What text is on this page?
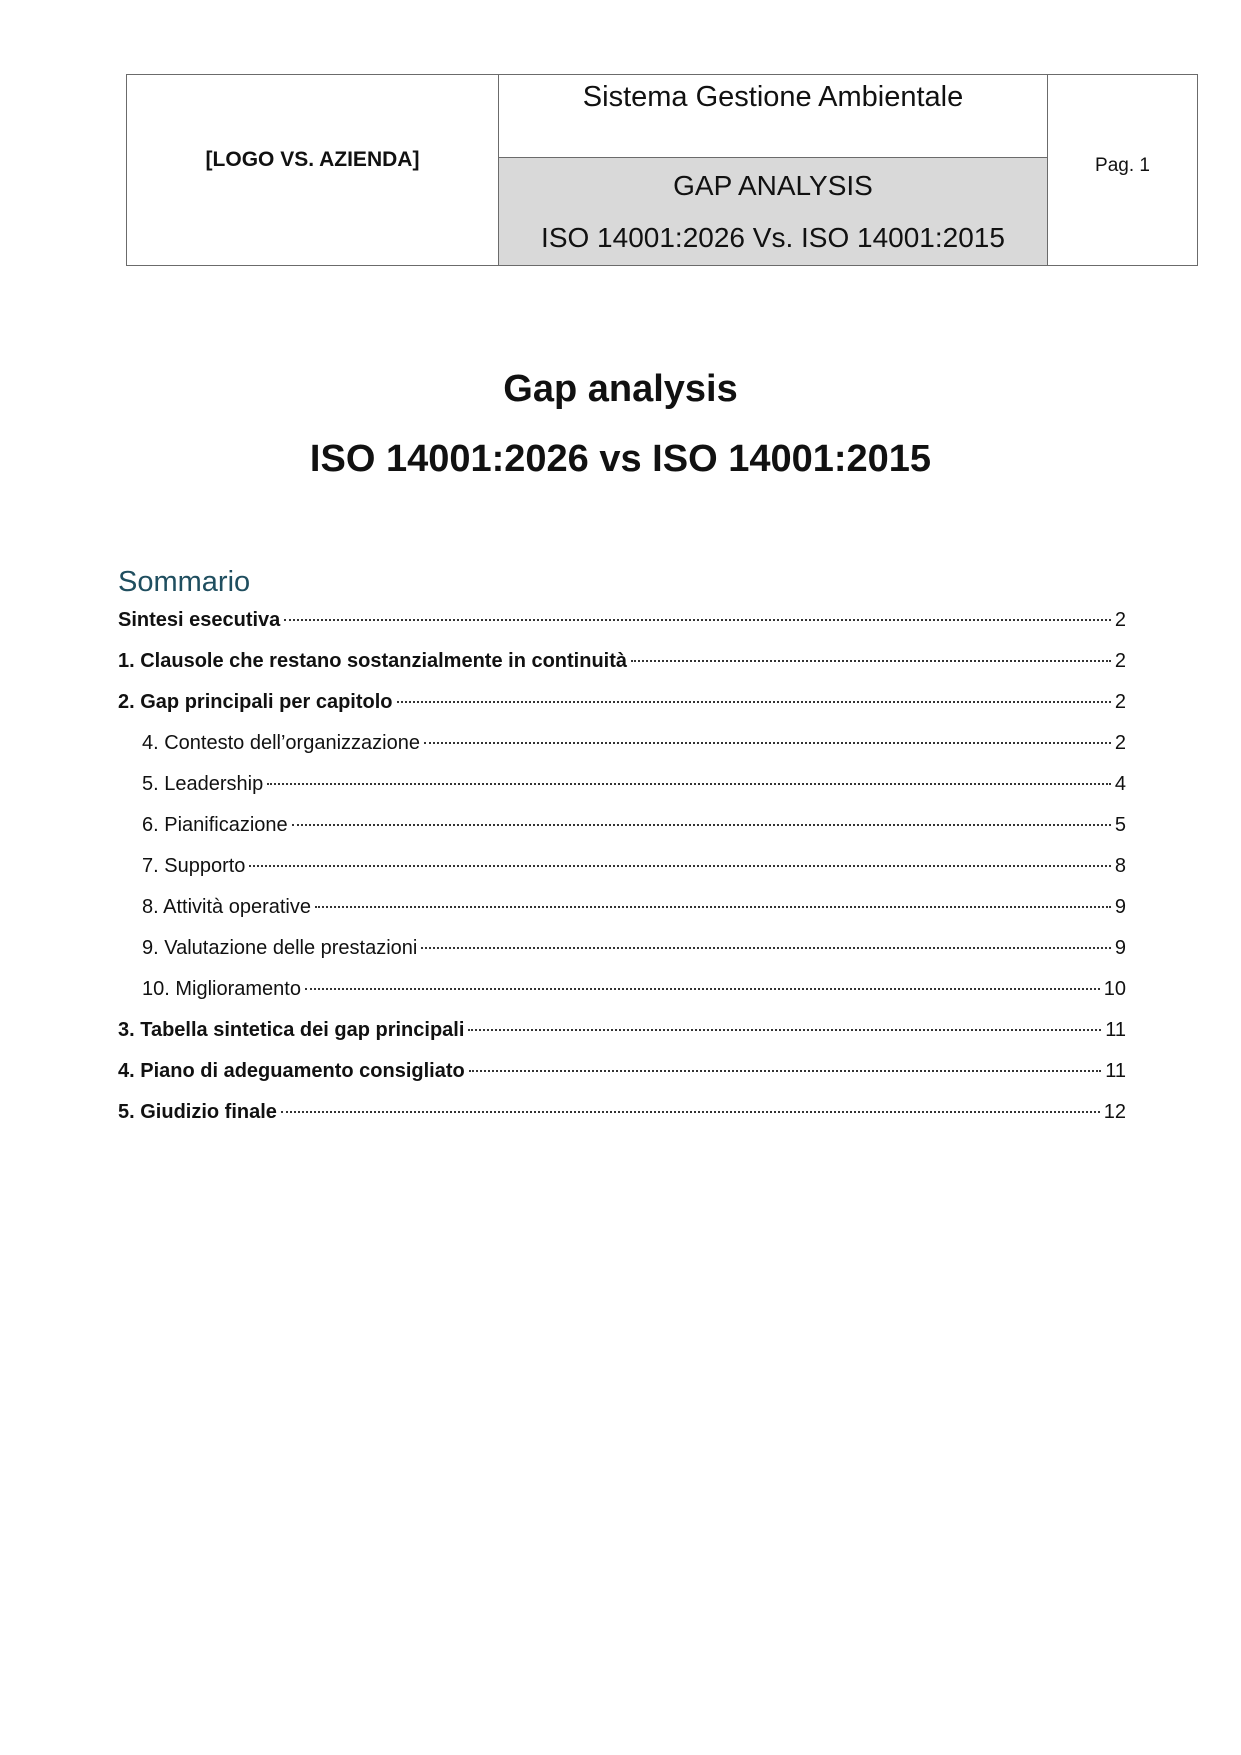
[LOGO VS. AZIENDA]	Sistema Gestione Ambientale	Pag. 1

GAP ANALYSIS
ISO 14001:2026 Vs. ISO 14001:2015
Gap analysis
ISO 14001:2026 vs ISO 14001:2015
Sommario
Sintesi esecutiva	2
1. Clausole che restano sostanzialmente in continuità	2
2. Gap principali per capitolo	2
4. Contesto dell’organizzazione	2
5. Leadership	4
6. Pianificazione	5
7. Supporto	8
8. Attività operative	9
9. Valutazione delle prestazioni	9
10. Miglioramento	10
3. Tabella sintetica dei gap principali	11
4. Piano di adeguamento consigliato	11
5. Giudizio finale	12
